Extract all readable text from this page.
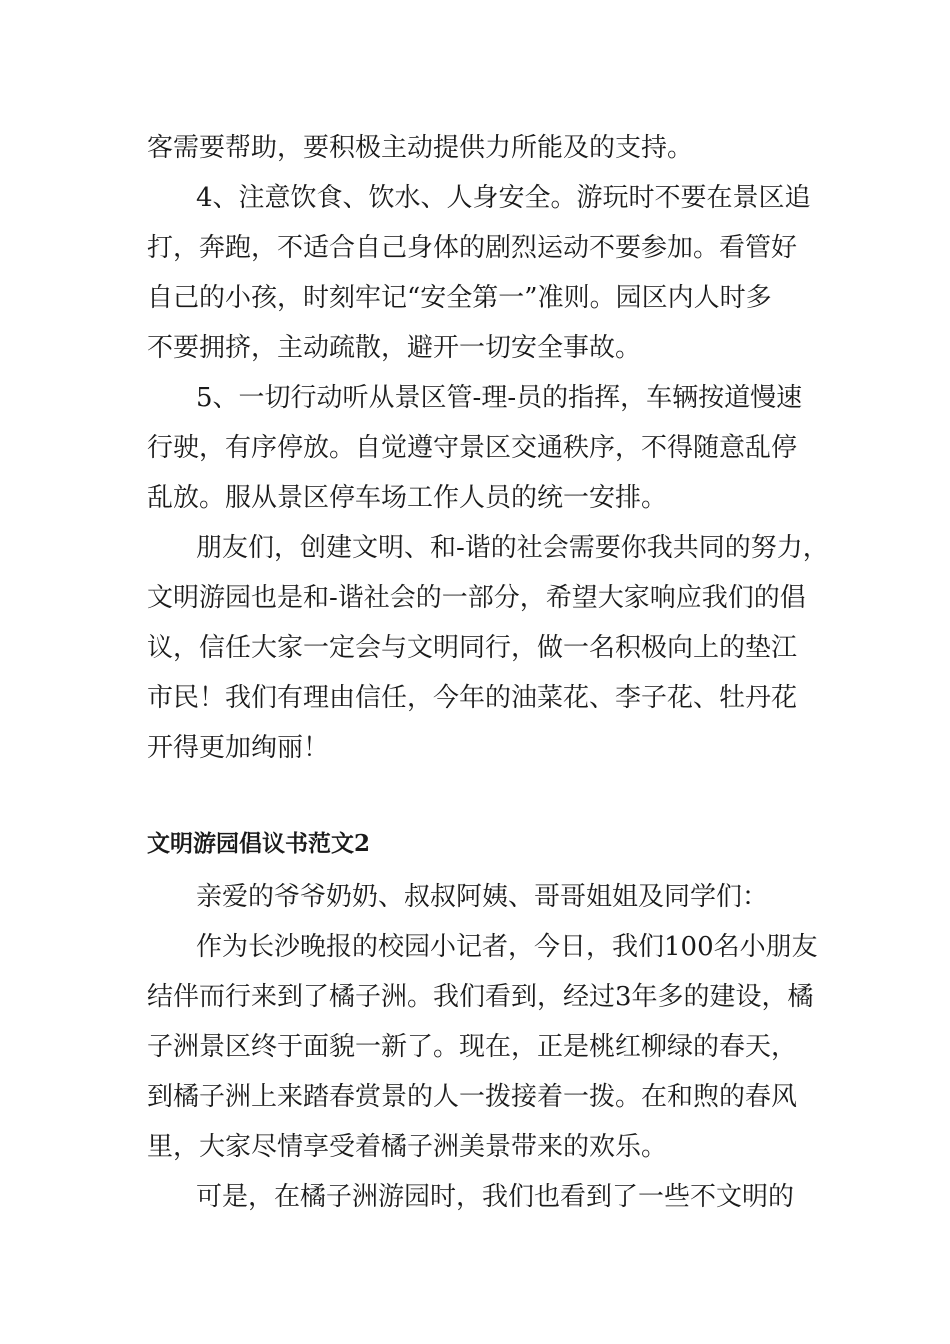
客需要帮助，要积极主动提供力所能及的支持。

4、注意饮食、饮水、人身安全。游玩时不要在景区追

打，奔跑，不适合自己身体的剧烈运动不要参加。看管好

自己的小孩，时刻牢记“安全第一”准则。园区内人时多

不要拥挤，主动疏散，避开一切安全事故。

5、一切行动听从景区管-理-员的指挥，车辆按道慢速

行驶，有序停放。自觉遵守景区交通秩序，不得随意乱停

乱放。服从景区停车场工作人员的统一安排。

朋友们，创建文明、和-谐的社会需要你我共同的努力，

文明游园也是和-谐社会的一部分，希望大家响应我们的倡

议，信任大家一定会与文明同行，做一名积极向上的垫江

市民！我们有理由信任，今年的油菜花、李子花、牡丹花

开得更加绚丽！

文明游园倡议书范文2

亲爱的爷爷奶奶、叔叔阿姨、哥哥姐姐及同学们：

作为长沙晚报的校园小记者，今日，我们100名小朋友

结伴而行来到了橘子洲。我们看到，经过3年多的建设，橘

子洲景区终于面貌一新了。现在，正是桃红柳绿的春天，

到橘子洲上来踏春赏景的人一拨接着一拨。在和煦的春风

里，大家尽情享受着橘子洲美景带来的欢乐。

可是，在橘子洲游园时，我们也看到了一些不文明的
